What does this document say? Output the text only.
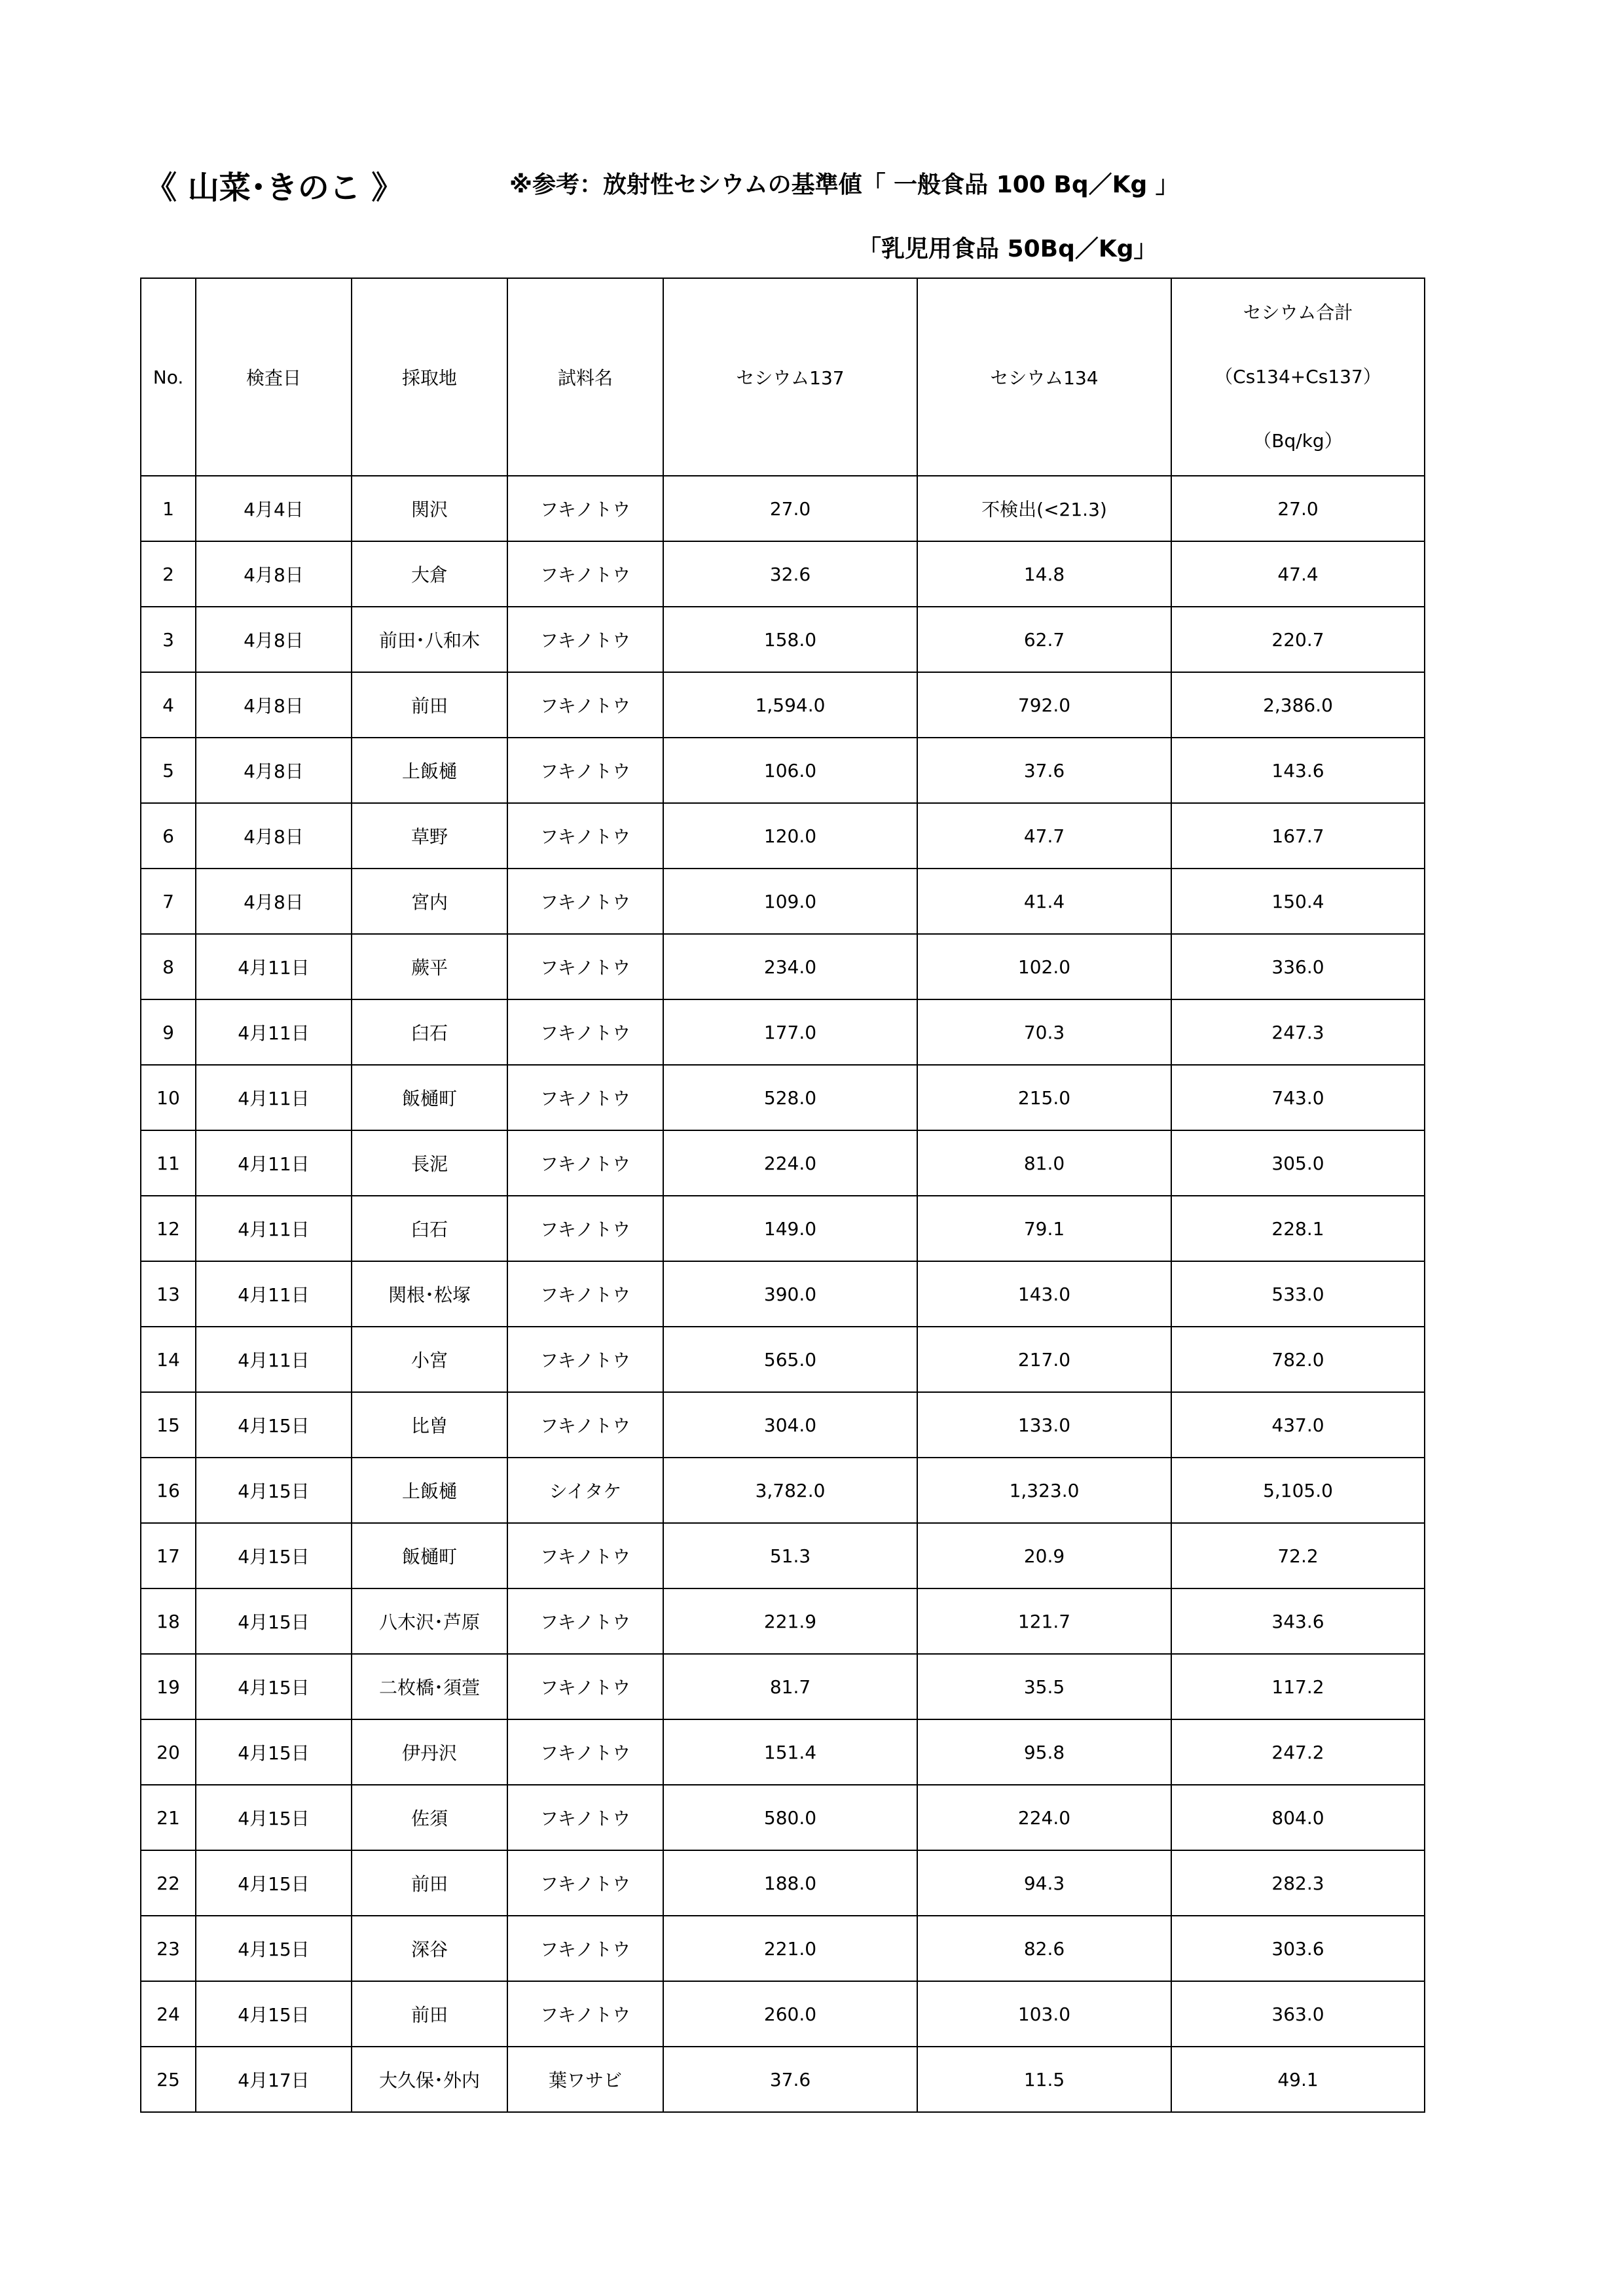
《 山菜･きのこ 》	※参考：放射性セシウムの基準値「 一般食品 100 Bq／Kg 」
「乳児用食品 50Bq／Kg」
No.	検査日	採取地	試料名	セシウム137	セシウム134	セシウム合計
（Cs134+Cs137）
（Bq/kg）

1	4月4日	関沢	フキノトウ	27.0	不検出(<21.3)	27.0
2	4月8日	大倉	フキノトウ	32.6	14.8	47.4
3	4月8日	前田･八和木	フキノトウ	158.0	62.7	220.7
4	4月8日	前田	フキノトウ	1,594.0	792.0	2,386.0
5	4月8日	上飯樋	フキノトウ	106.0	37.6	143.6
6	4月8日	草野	フキノトウ	120.0	47.7	167.7
7	4月8日	宮内	フキノトウ	109.0	41.4	150.4
8	4月11日	蕨平	フキノトウ	234.0	102.0	336.0
9	4月11日	臼石	フキノトウ	177.0	70.3	247.3
10	4月11日	飯樋町	フキノトウ	528.0	215.0	743.0
11	4月11日	長泥	フキノトウ	224.0	81.0	305.0
12	4月11日	臼石	フキノトウ	149.0	79.1	228.1
13	4月11日	関根･松塚	フキノトウ	390.0	143.0	533.0
14	4月11日	小宮	フキノトウ	565.0	217.0	782.0
15	4月15日	比曽	フキノトウ	304.0	133.0	437.0
16	4月15日	上飯樋	シイタケ	3,782.0	1,323.0	5,105.0
17	4月15日	飯樋町	フキノトウ	51.3	20.9	72.2
18	4月15日	八木沢･芦原	フキノトウ	221.9	121.7	343.6
19	4月15日	二枚橋･須萱	フキノトウ	81.7	35.5	117.2
20	4月15日	伊丹沢	フキノトウ	151.4	95.8	247.2
21	4月15日	佐須	フキノトウ	580.0	224.0	804.0
22	4月15日	前田	フキノトウ	188.0	94.3	282.3
23	4月15日	深谷	フキノトウ	221.0	82.6	303.6
24	4月15日	前田	フキノトウ	260.0	103.0	363.0
25	4月17日	大久保･外内	葉ワサビ	37.6	11.5	49.1
